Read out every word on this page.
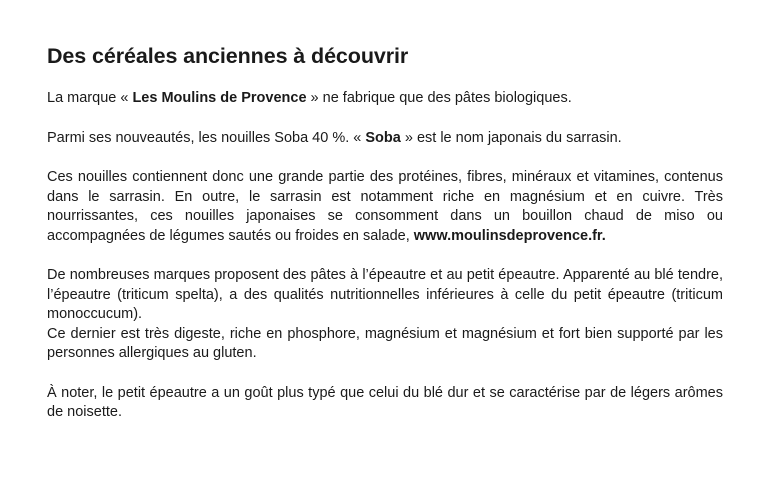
Des céréales anciennes à découvrir

La marque « Les Moulins de Provence » ne fabrique que des pâtes biologiques.

Parmi ses nouveautés, les nouilles Soba 40 %. « Soba » est le nom japonais du sarrasin.

Ces nouilles contiennent donc une grande partie des protéines, fibres, minéraux et vitamines, contenus dans le sarrasin. En outre, le sarrasin est notamment riche en magnésium et en cuivre. Très nourrissantes, ces nouilles japonaises se consomment dans un bouillon chaud de miso ou accompagnées de légumes sautés ou froides en salade, www.moulinsdeprovence.fr.

De nombreuses marques proposent des pâtes à l’épeautre et au petit épeautre. Apparenté au blé tendre, l’épeautre (triticum spelta), a des qualités nutritionnelles inférieures à celle du petit épeautre (triticum monoccucum).

Ce dernier est très digeste, riche en phosphore, magnésium et magnésium et fort bien supporté par les personnes allergiques au gluten.

À noter, le petit épeautre a un goût plus typé que celui du blé dur et se caractérise par de légers arômes de noisette.
